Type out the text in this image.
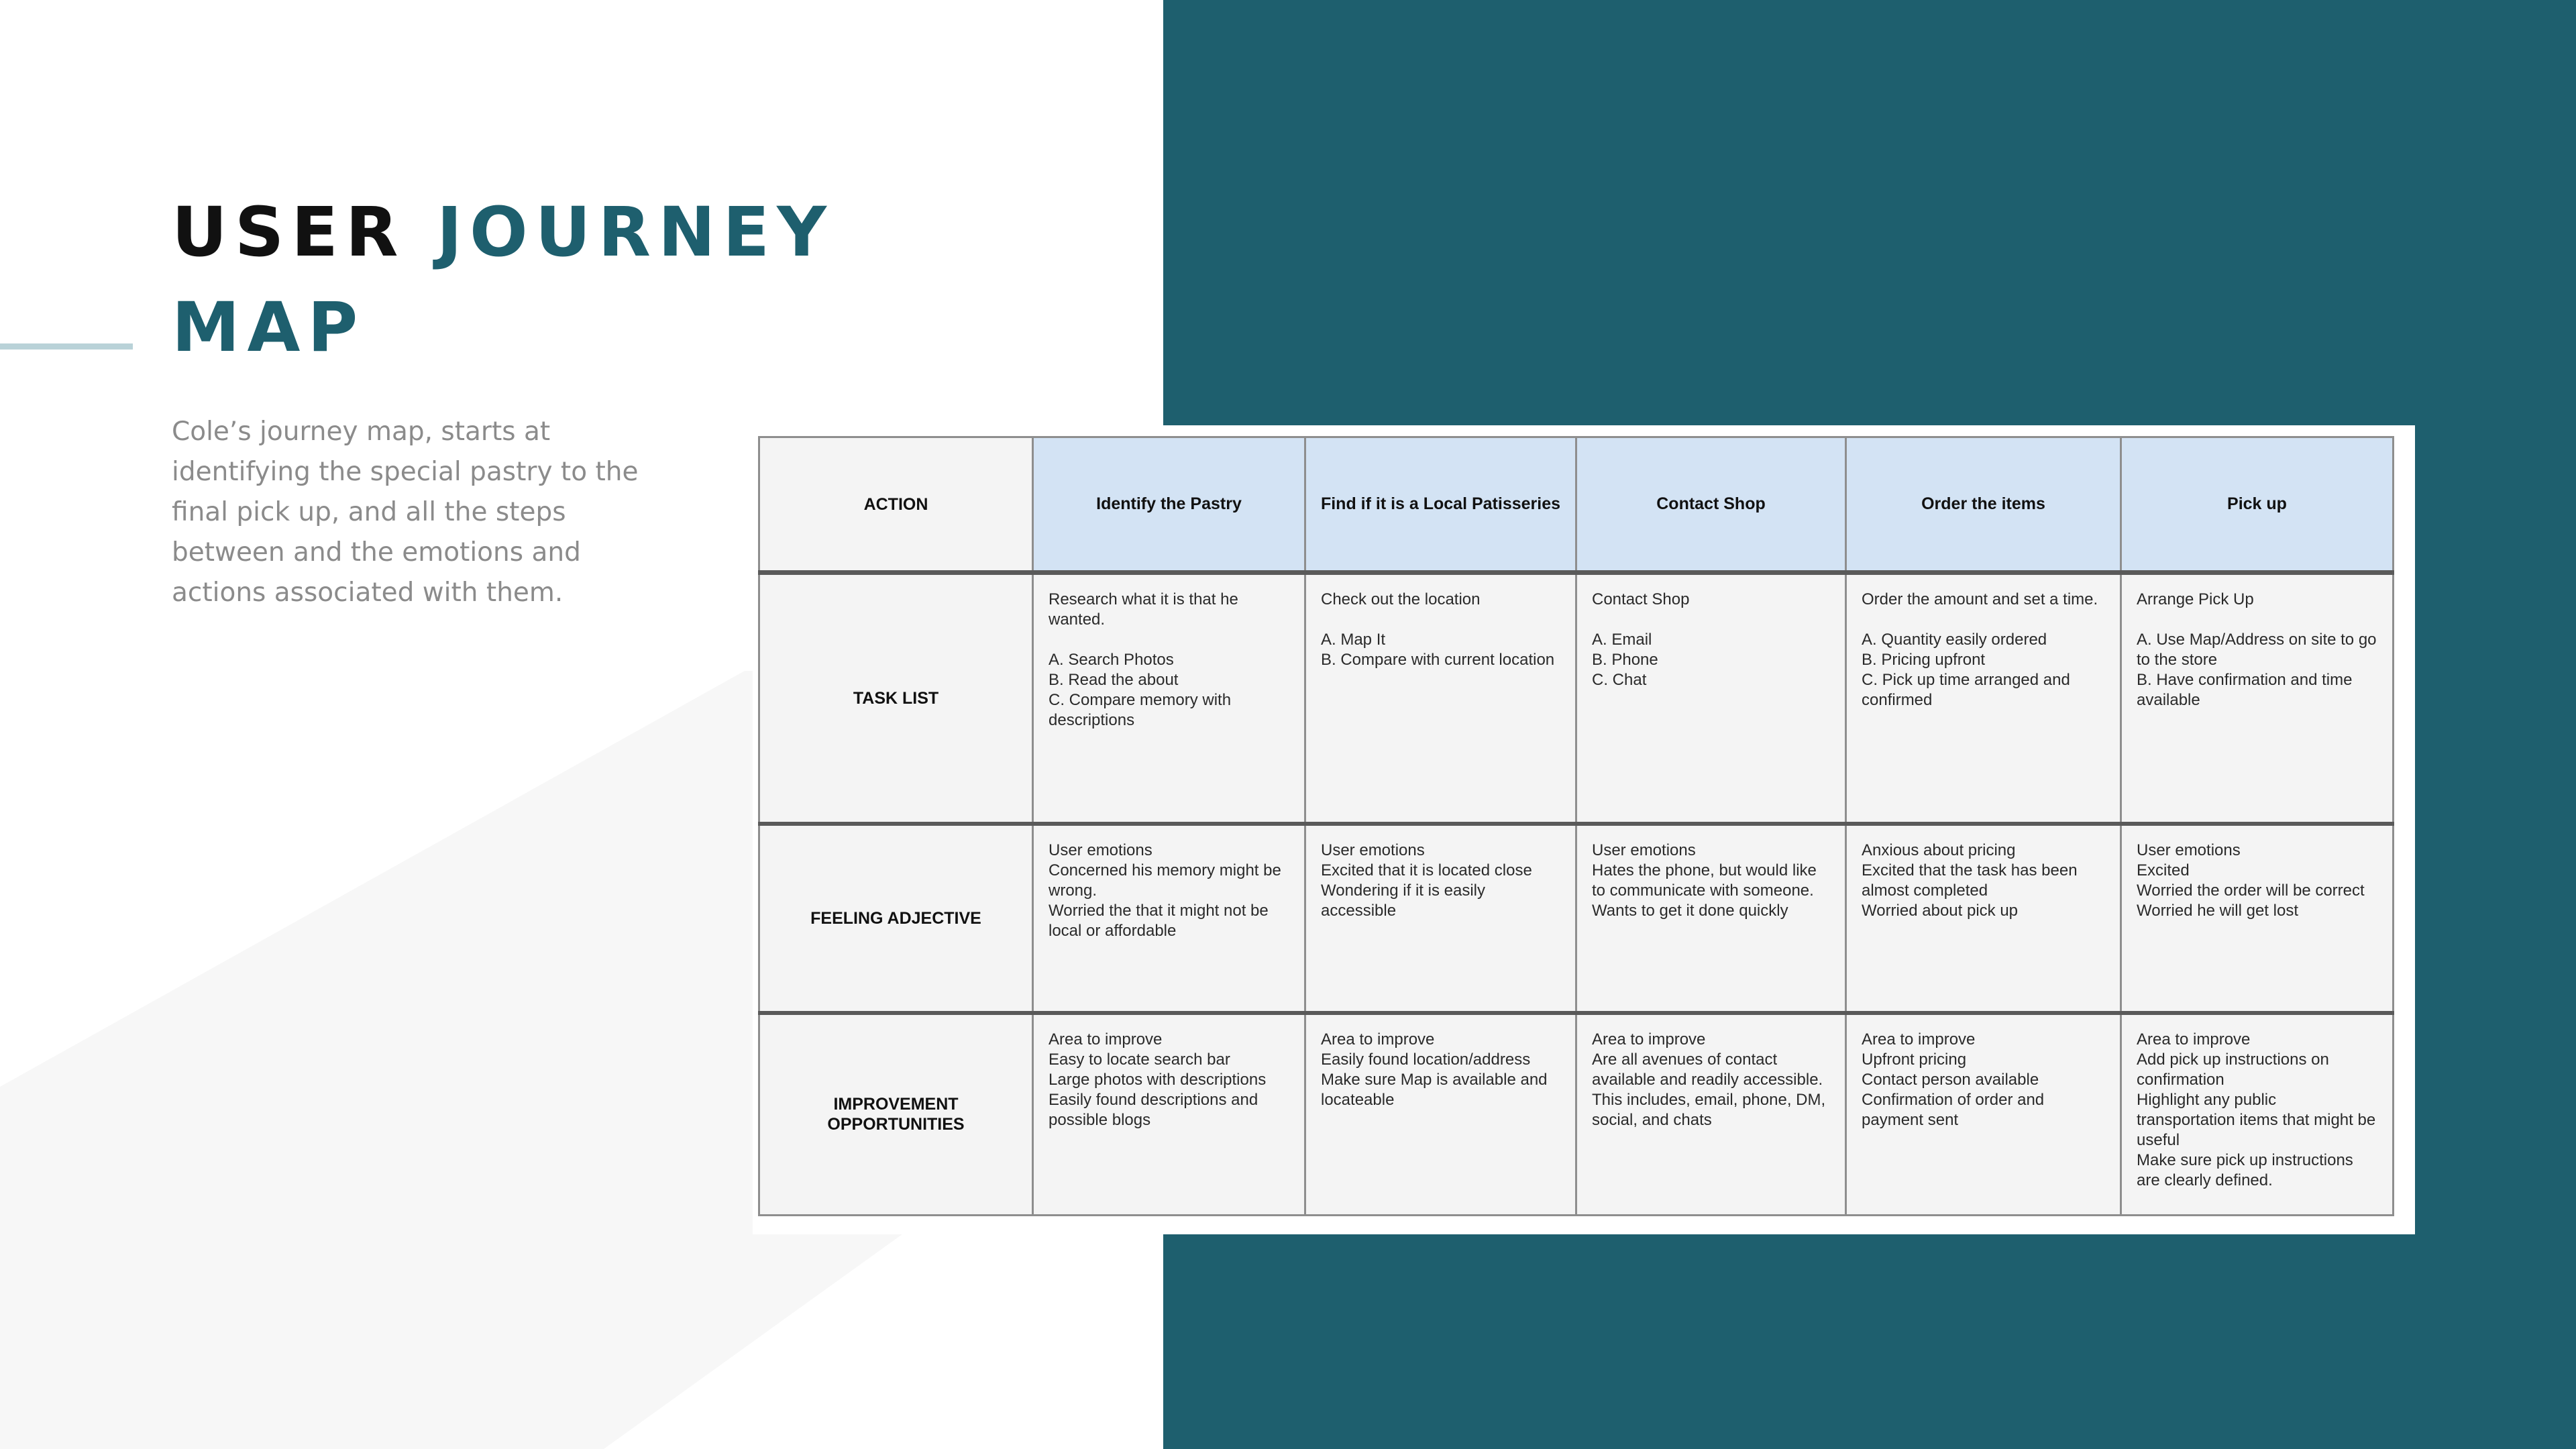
USER JOURNEY
MAP

Cole’s journey map, starts at identifying the special pastry to the final pick up, and all the steps between and the emotions and actions associated with them.

ACTION	Identify the Pastry	Find if it is a Local Patisseries	Contact Shop	Order the items	Pick up
TASK LIST	Research what it is that he wanted.

A. Search Photos
B. Read the about
C. Compare memory with descriptions	Check out the location

A. Map It
B. Compare with current location	Contact Shop

A. Email
B. Phone
C. Chat	Order the amount and set a time.

A. Quantity easily ordered
B. Pricing upfront
C. Pick up time arranged and confirmed	Arrange Pick Up

A. Use Map/Address on site to go to the store
B. Have confirmation and time available
FEELING ADJECTIVE	User emotions
Concerned his memory might be wrong.
Worried the that it might not be local or affordable	User emotions
Excited that it is located close
Wondering if it is easily accessible	User emotions
Hates the phone, but would like to communicate with someone.
Wants to get it done quickly	Anxious about pricing
Excited that the task has been almost completed
Worried about pick up	User emotions
Excited
Worried the order will be correct
Worried he will get lost
IMPROVEMENT OPPORTUNITIES	Area to improve
Easy to locate search bar
Large photos with descriptions
Easily found descriptions and possible blogs	Area to improve
Easily found location/address
Make sure Map is available and locateable	Area to improve
Are all avenues of contact available and readily accessible. This includes, email, phone, DM, social, and chats	Area to improve
Upfront pricing
Contact person available
Confirmation of order and payment sent	Area to improve
Add pick up instructions on confirmation
Highlight any public transportation items that might be useful
Make sure pick up instructions are clearly defined.
